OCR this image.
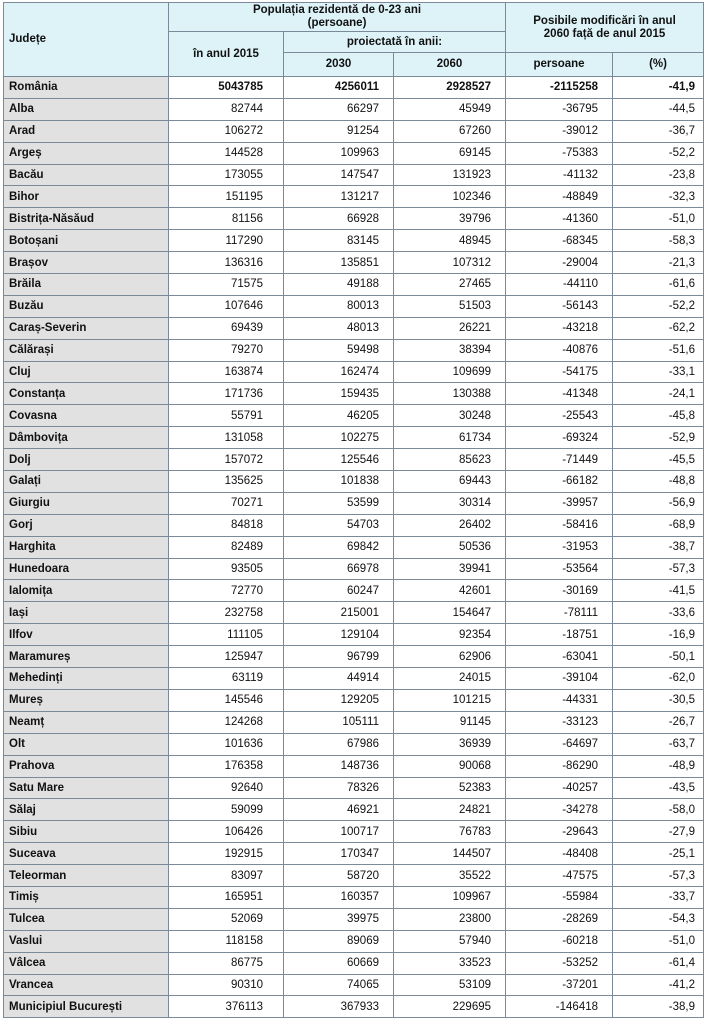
Județe	Populația rezidentă de 0-23 ani (persoane)			Posibile modificări în anul 2060 față de anul 2015	
	în anul 2015	proiectată în anii:			
		2030	2060	persoane	(%)
România	5043785	4256011	2928527	-2115258	-41,9
Alba	82744	66297	45949	-36795	-44,5
Arad	106272	91254	67260	-39012	-36,7
Argeș	144528	109963	69145	-75383	-52,2
Bacău	173055	147547	131923	-41132	-23,8
Bihor	151195	131217	102346	-48849	-32,3
Bistrița-Năsăud	81156	66928	39796	-41360	-51,0
Botoșani	117290	83145	48945	-68345	-58,3
Brașov	136316	135851	107312	-29004	-21,3
Brăila	71575	49188	27465	-44110	-61,6
Buzău	107646	80013	51503	-56143	-52,2
Caraș-Severin	69439	48013	26221	-43218	-62,2
Călărași	79270	59498	38394	-40876	-51,6
Cluj	163874	162474	109699	-54175	-33,1
Constanța	171736	159435	130388	-41348	-24,1
Covasna	55791	46205	30248	-25543	-45,8
Dâmbovița	131058	102275	61734	-69324	-52,9
Dolj	157072	125546	85623	-71449	-45,5
Galați	135625	101838	69443	-66182	-48,8
Giurgiu	70271	53599	30314	-39957	-56,9
Gorj	84818	54703	26402	-58416	-68,9
Harghita	82489	69842	50536	-31953	-38,7
Hunedoara	93505	66978	39941	-53564	-57,3
Ialomița	72770	60247	42601	-30169	-41,5
Iași	232758	215001	154647	-78111	-33,6
Ilfov	111105	129104	92354	-18751	-16,9
Maramureș	125947	96799	62906	-63041	-50,1
Mehedinți	63119	44914	24015	-39104	-62,0
Mureș	145546	129205	101215	-44331	-30,5
Neamț	124268	105111	91145	-33123	-26,7
Olt	101636	67986	36939	-64697	-63,7
Prahova	176358	148736	90068	-86290	-48,9
Satu Mare	92640	78326	52383	-40257	-43,5
Sălaj	59099	46921	24821	-34278	-58,0
Sibiu	106426	100717	76783	-29643	-27,9
Suceava	192915	170347	144507	-48408	-25,1
Teleorman	83097	58720	35522	-47575	-57,3
Timiș	165951	160357	109967	-55984	-33,7
Tulcea	52069	39975	23800	-28269	-54,3
Vaslui	118158	89069	57940	-60218	-51,0
Vâlcea	86775	60669	33523	-53252	-61,4
Vrancea	90310	74065	53109	-37201	-41,2
Municipiul București	376113	367933	229695	-146418	-38,9
